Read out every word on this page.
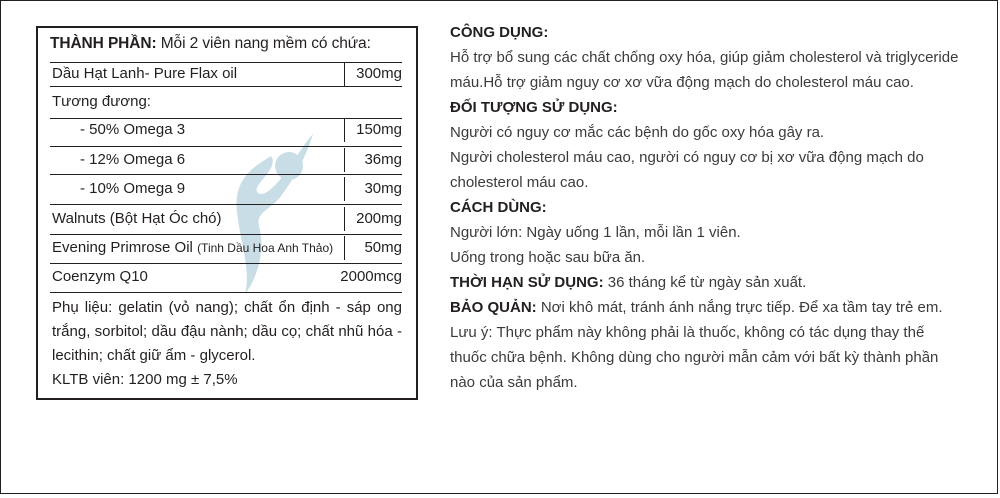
THÀNH PHẦN: Mỗi 2 viên nang mềm có chứa:
Dầu Hạt Lanh- Pure Flax oil	300mg
Tương đương:
- 50% Omega 3	150mg
- 12% Omega 6	36mg
- 10% Omega 9	30mg
Walnuts (Bột Hạt Óc chó)	200mg
Evening Primrose Oil (Tinh Dầu Hoa Anh Thảo) 50mg
Coenzym Q10	2000mcg

Phụ liệu: gelatin (vỏ nang); chất ổn định - sáp ong trắng, sorbitol; dầu đậu nành; dầu cọ; chất nhũ hóa - lecithin; chất giữ ẩm - glycerol.

KLTB viên: 1200 mg ± 7,5%

CÔNG DỤNG:

Hỗ trợ bổ sung các chất chống oxy hóa, giúp giảm cholesterol và triglyceride máu.Hỗ trợ giảm nguy cơ xơ vữa động mạch do cholesterol máu cao.

ĐỐI TƯỢNG SỬ DỤNG:

Người có nguy cơ mắc các bệnh do gốc oxy hóa gây ra.

Người cholesterol máu cao, người có nguy cơ bị xơ vữa động mạch do cholesterol máu cao.

CÁCH DÙNG:

Người lớn: Ngày uống 1 lần, mỗi lần 1 viên.

Uống trong hoặc sau bữa ăn.

THỜI HẠN SỬ DỤNG: 36 tháng kể từ ngày sản xuất.

BẢO QUẢN: Nơi khô mát, tránh ánh nắng trực tiếp. Để xa tầm tay trẻ em.

Lưu ý: Thực phẩm này không phải là thuốc, không có tác dụng thay thế thuốc chữa bệnh. Không dùng cho người mẫn cảm với bất kỳ thành phần nào của sản phẩm.
